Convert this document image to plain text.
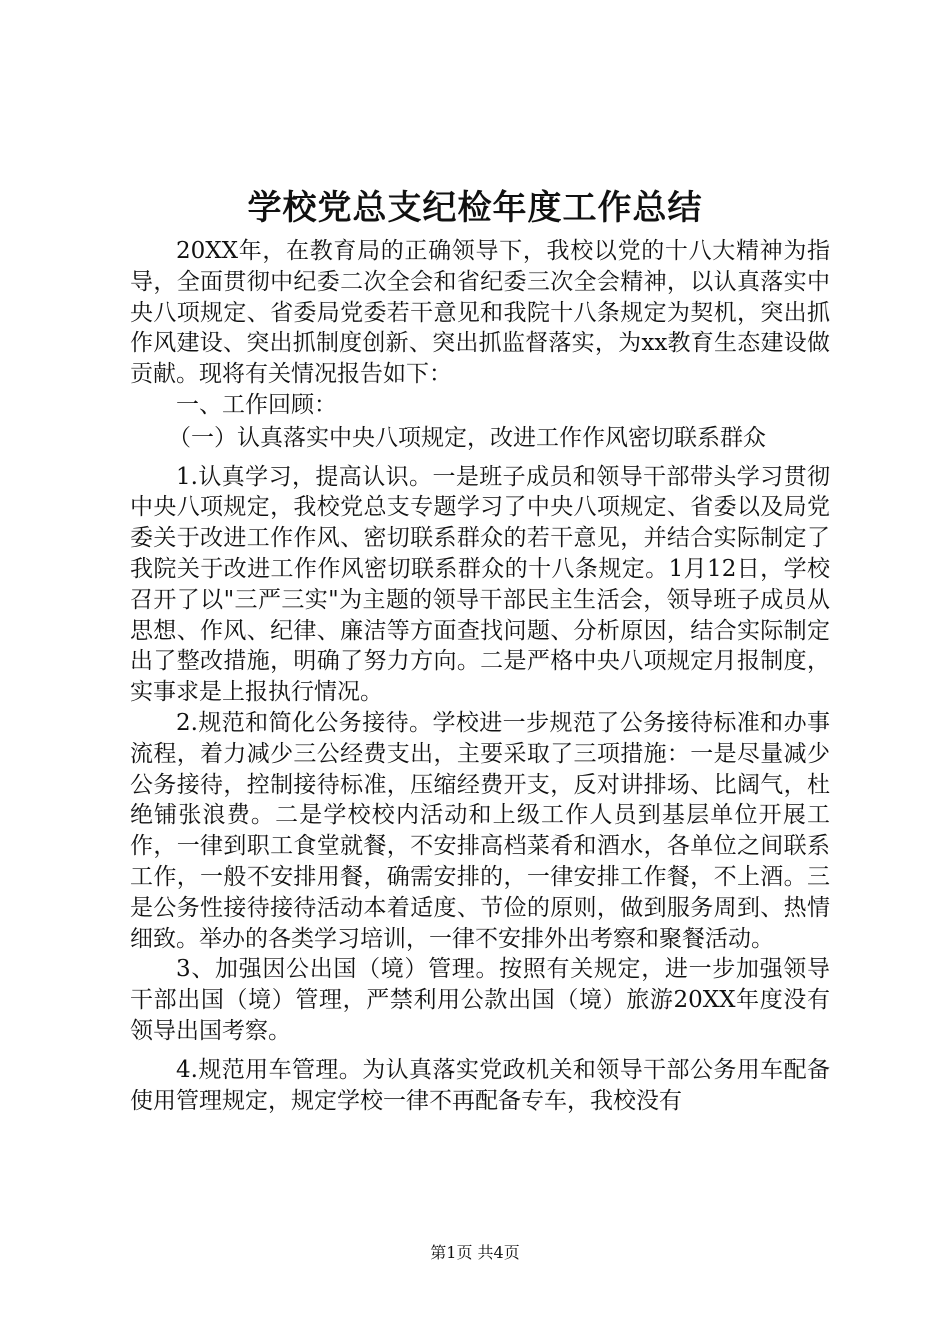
学校党总支纪检年度工作总结

20XX年，在教育局的正确领导下，我校以党的十八大精神为指导，全面贯彻中纪委二次全会和省纪委三次全会精神，以认真落实中央八项规定、省委局党委若干意见和我院十八条规定为契机，突出抓作风建设、突出抓制度创新、突出抓监督落实，为xx教育生态建设做贡献。现将有关情况报告如下：

一、工作回顾：

（一）认真落实中央八项规定，改进工作作风密切联系群众

1.认真学习，提高认识。一是班子成员和领导干部带头学习贯彻中央八项规定，我校党总支专题学习了中央八项规定、省委以及局党委关于改进工作作风、密切联系群众的若干意见，并结合实际制定了我院关于改进工作作风密切联系群众的十八条规定。1月12日，学校召开了以"三严三实"为主题的领导干部民主生活会，领导班子成员从思想、作风、纪律、廉洁等方面查找问题、分析原因，结合实际制定出了整改措施，明确了努力方向。二是严格中央八项规定月报制度，实事求是上报执行情况。

2.规范和简化公务接待。学校进一步规范了公务接待标准和办事流程，着力减少三公经费支出，主要采取了三项措施：一是尽量减少公务接待，控制接待标准，压缩经费开支，反对讲排场、比阔气，杜绝铺张浪费。二是学校校内活动和上级工作人员到基层单位开展工作，一律到职工食堂就餐，不安排高档菜肴和酒水，各单位之间联系工作，一般不安排用餐，确需安排的，一律安排工作餐，不上酒。三是公务性接待接待活动本着适度、节俭的原则，做到服务周到、热情细致。举办的各类学习培训，一律不安排外出考察和聚餐活动。

3、加强因公出国（境）管理。按照有关规定，进一步加强领导干部出国（境）管理，严禁利用公款出国（境）旅游20XX年度没有领导出国考察。

4.规范用车管理。为认真落实党政机关和领导干部公务用车配备使用管理规定，规定学校一律不再配备专车，我校没有

第1页 共4页
